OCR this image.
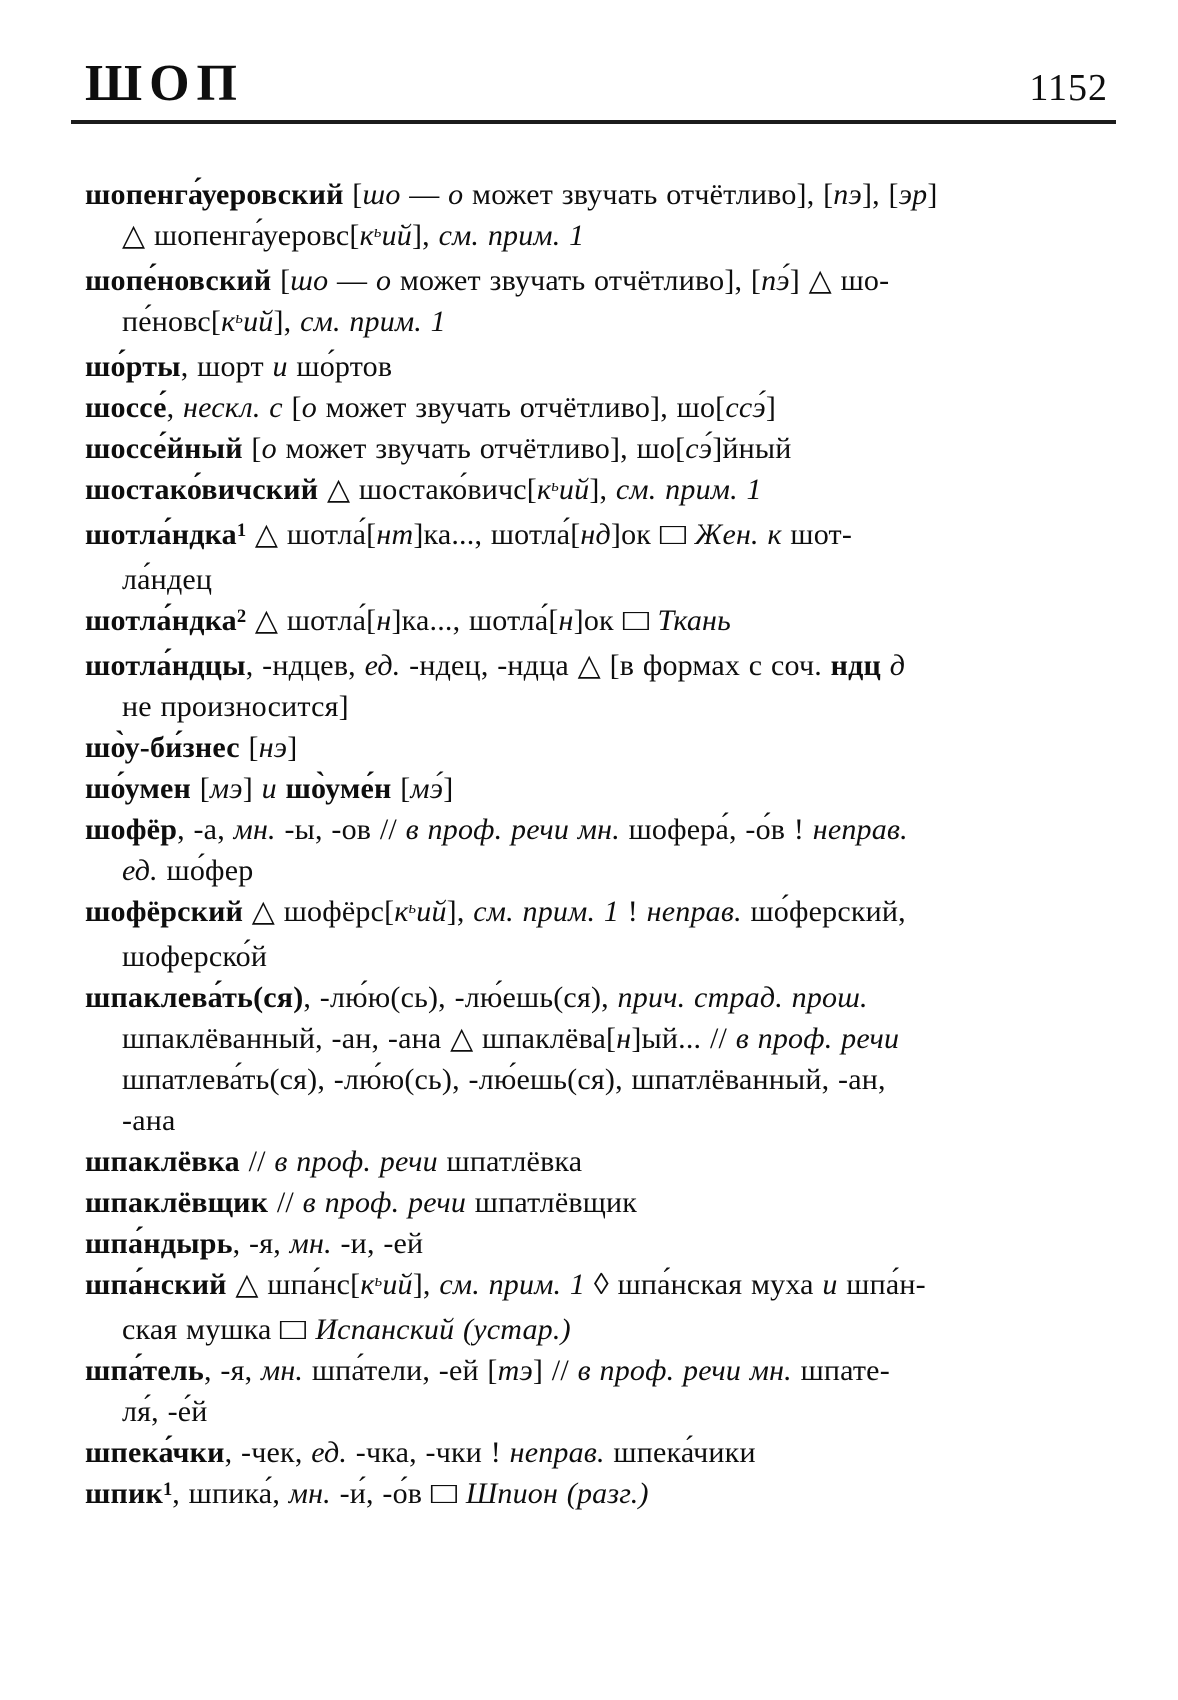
ШОП	1152
шопенга́уеровский [шо — о может звучать отчётливо], [пэ], [эр]
△ $шопенга́уеровс[к^ьий]$, см. прим. 1
шопе́новский [шо — о может звучать отчётливо], [пэ́] △ шо-
$пе́новс[к^ьий]$, см. прим. 1
шо́рты, шорт и шо́ртов
шоссе́, нескл. с [о может звучать отчётливо], шо[ссэ́]
шоссе́йный [о может звучать отчётливо], шо[сэ́]йный
шостако́вичский △ $шостако́вичс[к^ьий]$, см. прим. 1
шотла́ндка$^1$ △ шотла́[нт]ка..., шотла́[нд]ок □ Жен. к шот-
ла́ндец
шотла́ндка$^2$ △ шотла́[н]ка..., шотла́[н]ок □ Ткань
шотла́ндцы, -ндцев, ед. -ндец, -ндца △ [в формах с соч. ндц д
не произносится]
шо̀у-би́знес [нэ]
шо́умен [мэ] и шо̀уме́н [мэ́]
шофёр, -а, мн. -ы, -ов // в проф. речи мн. шофера́, -о́в ! неправ.
ед. шо́фер
шофёрский △ $шофёрс[к^ьий]$, см. прим. 1 ! неправ. шо́ферский,
шоферско́й
шпаклева́ть(ся), -лю́ю(сь), -лю́ешь(ся), прич. страд. прош.
шпаклёванный, -ан, -ана △ шпаклёва[н]ый... // в проф. речи
шпатлева́ть(ся), -лю́ю(сь), -лю́ешь(ся), шпатлёванный, -ан,
-ана
шпаклёвка // в проф. речи шпатлёвка
шпаклёвщик // в проф. речи шпатлёвщик
шпа́ндырь, -я, мн. -и, -ей
шпа́нский △ $шпа́нс[к^ьий]$, см. прим. 1 ◊ шпа́нская муха и шпа́н-
ская мушка □ Испанский (устар.)
шпа́тель, -я, мн. шпа́тели, -ей [тэ] // в проф. речи мн. шпате-
ля́, -е́й
шпека́чки, -чек, ед. -чка, -чки ! неправ. шпека́чики
шпик$^1$, шпика́, мн. -и́, -о́в □ Шпион (разг.)
